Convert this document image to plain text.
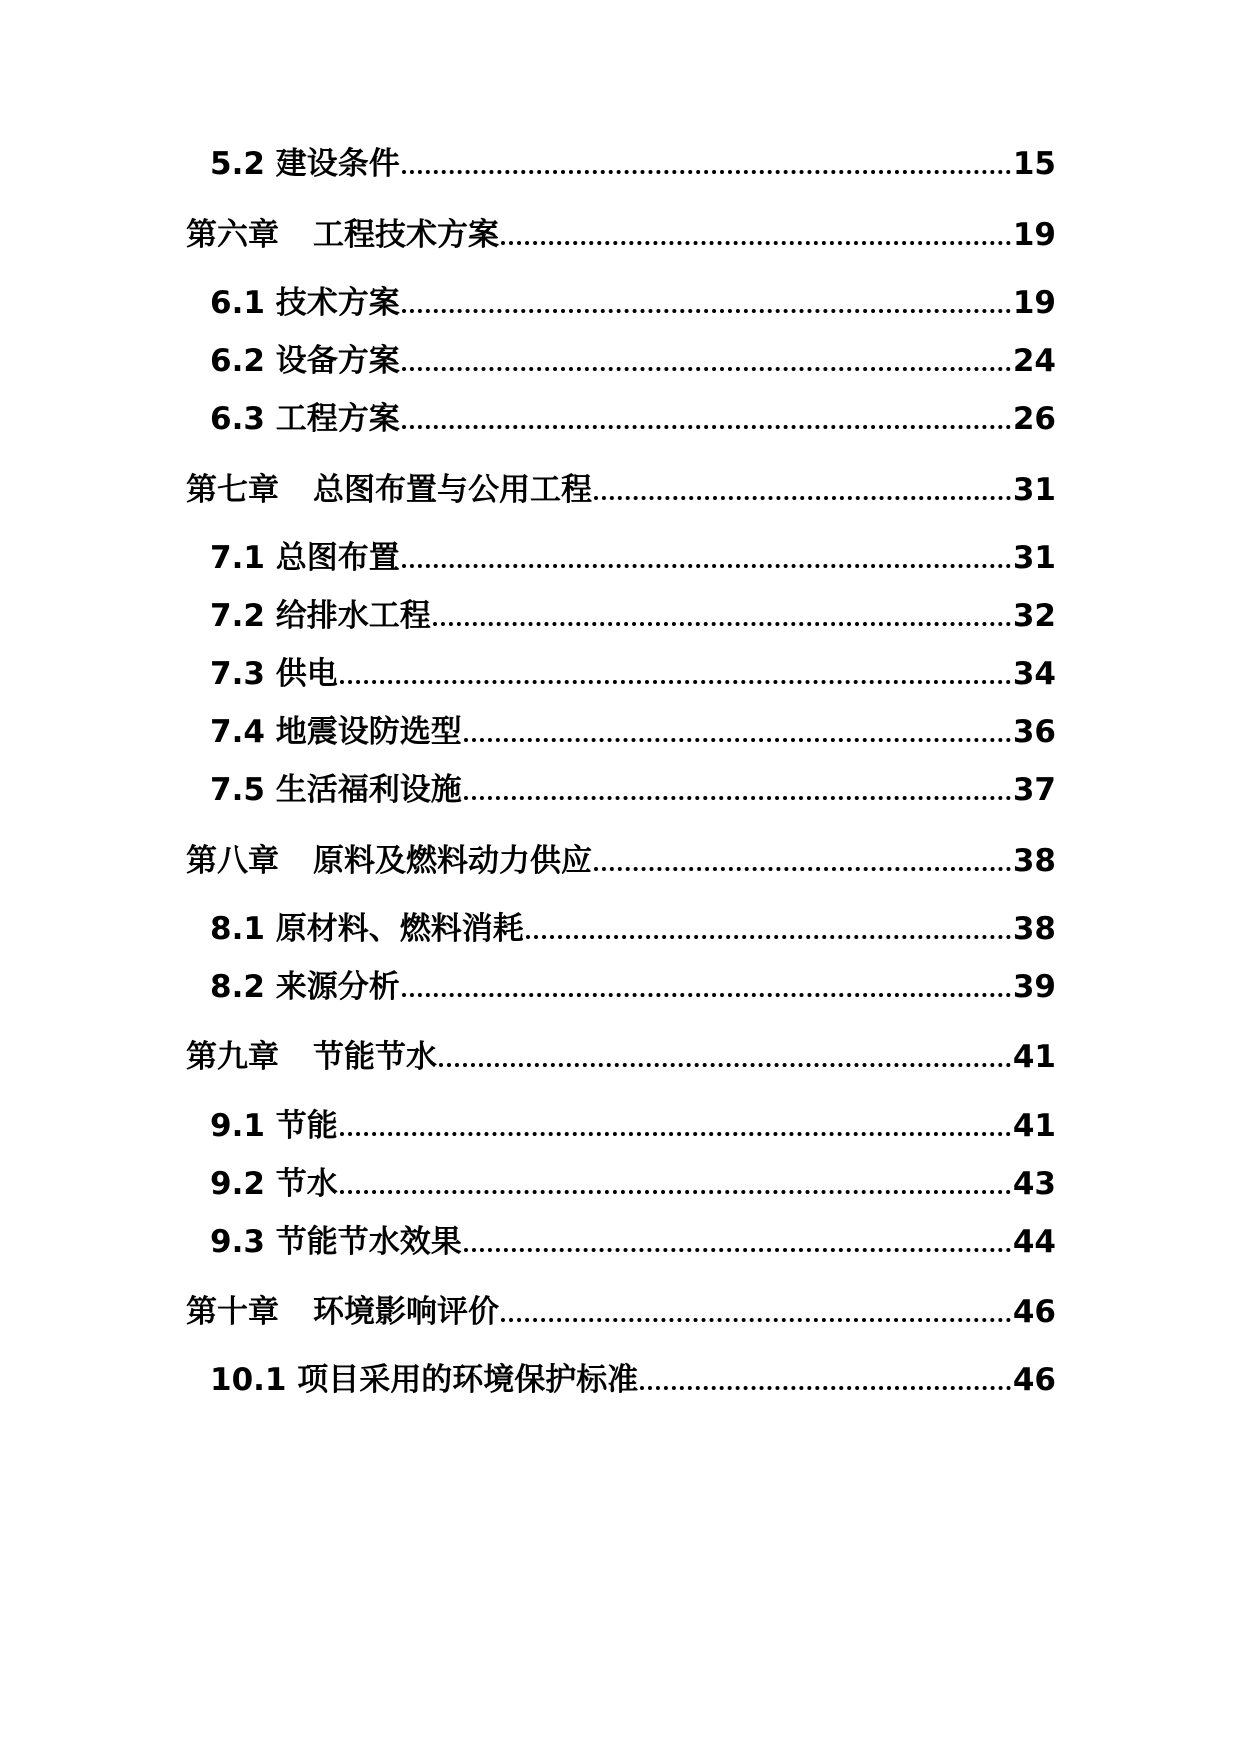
5.2 建设条件	15
第六章 工程技术方案	19
6.1 技术方案	19
6.2 设备方案	24
6.3 工程方案	26
第七章 总图布置与公用工程	31
7.1 总图布置	31
7.2 给排水工程	32
7.3 供电	34
7.4 地震设防选型	36
7.5 生活福利设施	37
第八章 原料及燃料动力供应	38
8.1 原材料、燃料消耗	38
8.2 来源分析	39
第九章 节能节水	41
9.1 节能	41
9.2 节水	43
9.3 节能节水效果	44
第十章 环境影响评价	46
10.1 项目采用的环境保护标准	46
